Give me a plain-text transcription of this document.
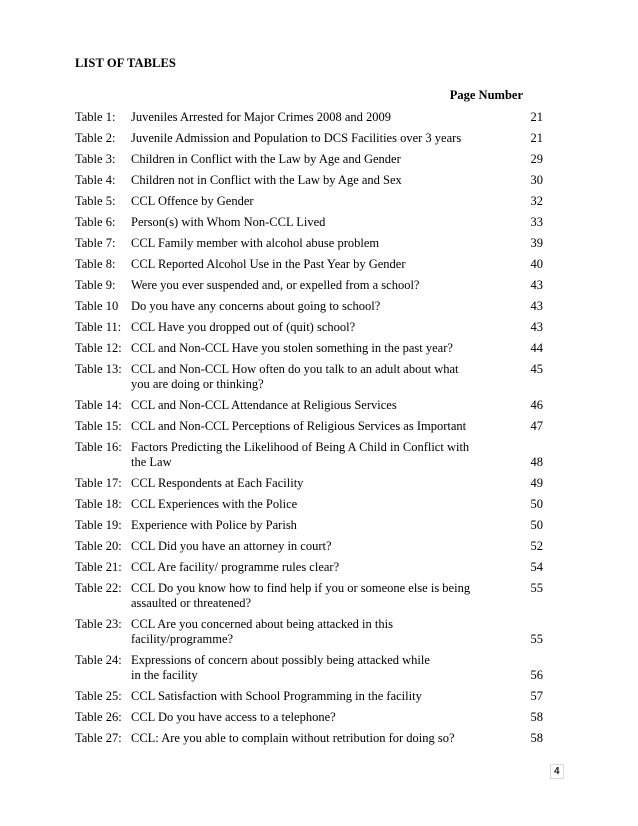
LIST OF TABLES
Page Number
Table 1: Juveniles Arrested for Major Crimes 2008 and 2009	21
Table 2: Juvenile Admission and Population to DCS Facilities over 3 years	21
Table 3: Children in Conflict with the Law by Age and Gender	29
Table 4: Children not in Conflict with the Law by Age and Sex	30
Table 5: CCL Offence by Gender	32
Table 6: Person(s) with Whom Non-CCL Lived	33
Table 7: CCL Family member with alcohol abuse problem	39
Table 8: CCL Reported Alcohol Use in the Past Year by Gender	40
Table 9: Were you ever suspended and, or expelled from a school?	43
Table 10 Do you have any concerns about going to school?	43
Table 11: CCL Have you dropped out of (quit) school?	43
Table 12: CCL and Non-CCL Have you stolen something in the past year?	44
Table 13: CCL and Non-CCL How often do you talk to an adult about what
you are doing or thinking?
45
Table 14: CCL and Non-CCL Attendance at Religious Services	46
Table 15: CCL and Non-CCL Perceptions of Religious Services as Important	47
Table 16: Factors Predicting the Likelihood of Being A Child in Conflict with
the Law	48
Table 17: CCL Respondents at Each Facility	49
Table 18: CCL Experiences with the Police	50
Table 19: Experience with Police by Parish	50
Table 20: CCL Did you have an attorney in court?	52
Table 21: CCL Are facility/ programme rules clear?	54
Table 22: CCL Do you know how to find help if you or someone else is being
assaulted or threatened?
55
Table 23: CCL Are you concerned about being attacked in this
facility/programme?	55
Table 24: Expressions of concern about possibly being attacked while
in the facility	56
Table 25: CCL Satisfaction with School Programming in the facility	57
Table 26: CCL Do you have access to a telephone?	58
Table 27: CCL: Are you able to complain without retribution for doing so?	58
4
